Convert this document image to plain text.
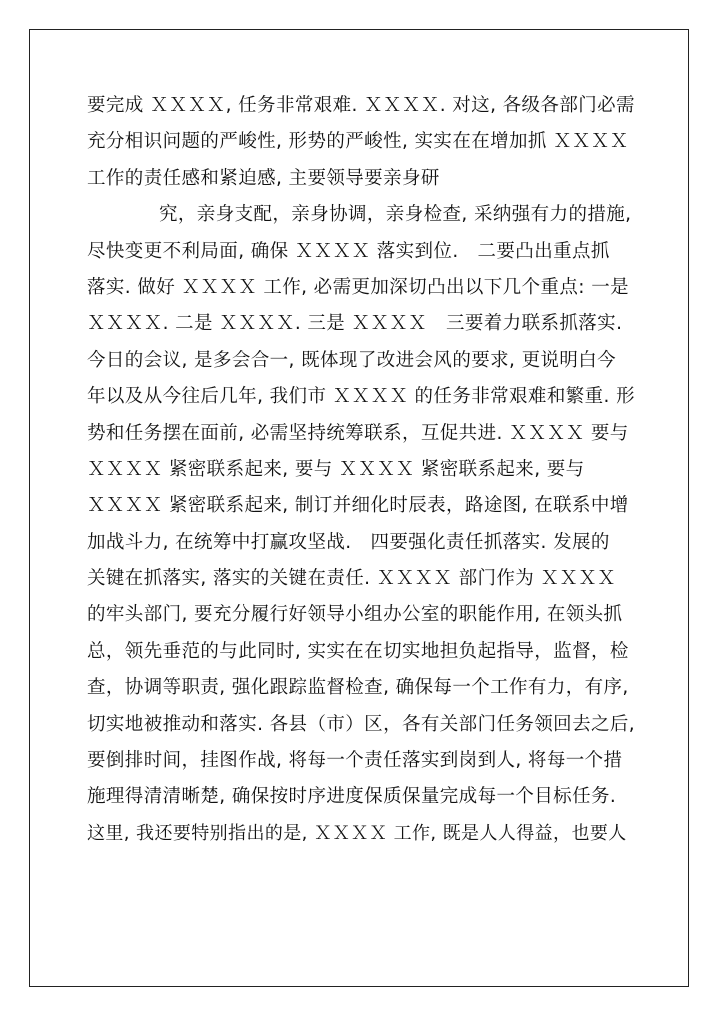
要完成 ＸＸＸＸ, 任务非常艰难. ＸＸＸＸ. 对这, 各级各部门必需
充分相识问题的严峻性, 形势的严峻性, 实实在在增加抓 ＸＸＸＸ
工作的责任感和紧迫感, 主要领导要亲身研
究，亲身支配，亲身协调，亲身检查, 采纳强有力的措施,
尽快变更不利局面, 确保 ＸＸＸＸ 落实到位.　二要凸出重点抓
落实. 做好 ＸＸＸＸ 工作, 必需更加深切凸出以下几个重点: 一是
ＸＸＸＸ. 二是 ＸＸＸＸ. 三是 ＸＸＸＸ　三要着力联系抓落实.
今日的会议, 是多会合一, 既体现了改进会风的要求, 更说明白今
年以及从今往后几年, 我们市 ＸＸＸＸ 的任务非常艰难和繁重. 形
势和任务摆在面前, 必需坚持统筹联系，互促共进. ＸＸＸＸ 要与
ＸＸＸＸ 紧密联系起来, 要与 ＸＸＸＸ 紧密联系起来, 要与
ＸＸＸＸ 紧密联系起来, 制订并细化时辰表，路途图, 在联系中增
加战斗力, 在统筹中打赢攻坚战.　四要强化责任抓落实. 发展的
关键在抓落实, 落实的关键在责任. ＸＸＸＸ 部门作为 ＸＸＸＸ
的牢头部门, 要充分履行好领导小组办公室的职能作用, 在领头抓
总，领先垂范的与此同时, 实实在在切实地担负起指导，监督，检
查，协调等职责, 强化跟踪监督检查, 确保每一个工作有力，有序,
切实地被推动和落实. 各县（市）区，各有关部门任务领回去之后,
要倒排时间，挂图作战, 将每一个责任落实到岗到人, 将每一个措
施理得清清晰楚, 确保按时序进度保质保量完成每一个目标任务.
这里, 我还要特别指出的是, ＸＸＸＸ 工作, 既是人人得益，也要人
